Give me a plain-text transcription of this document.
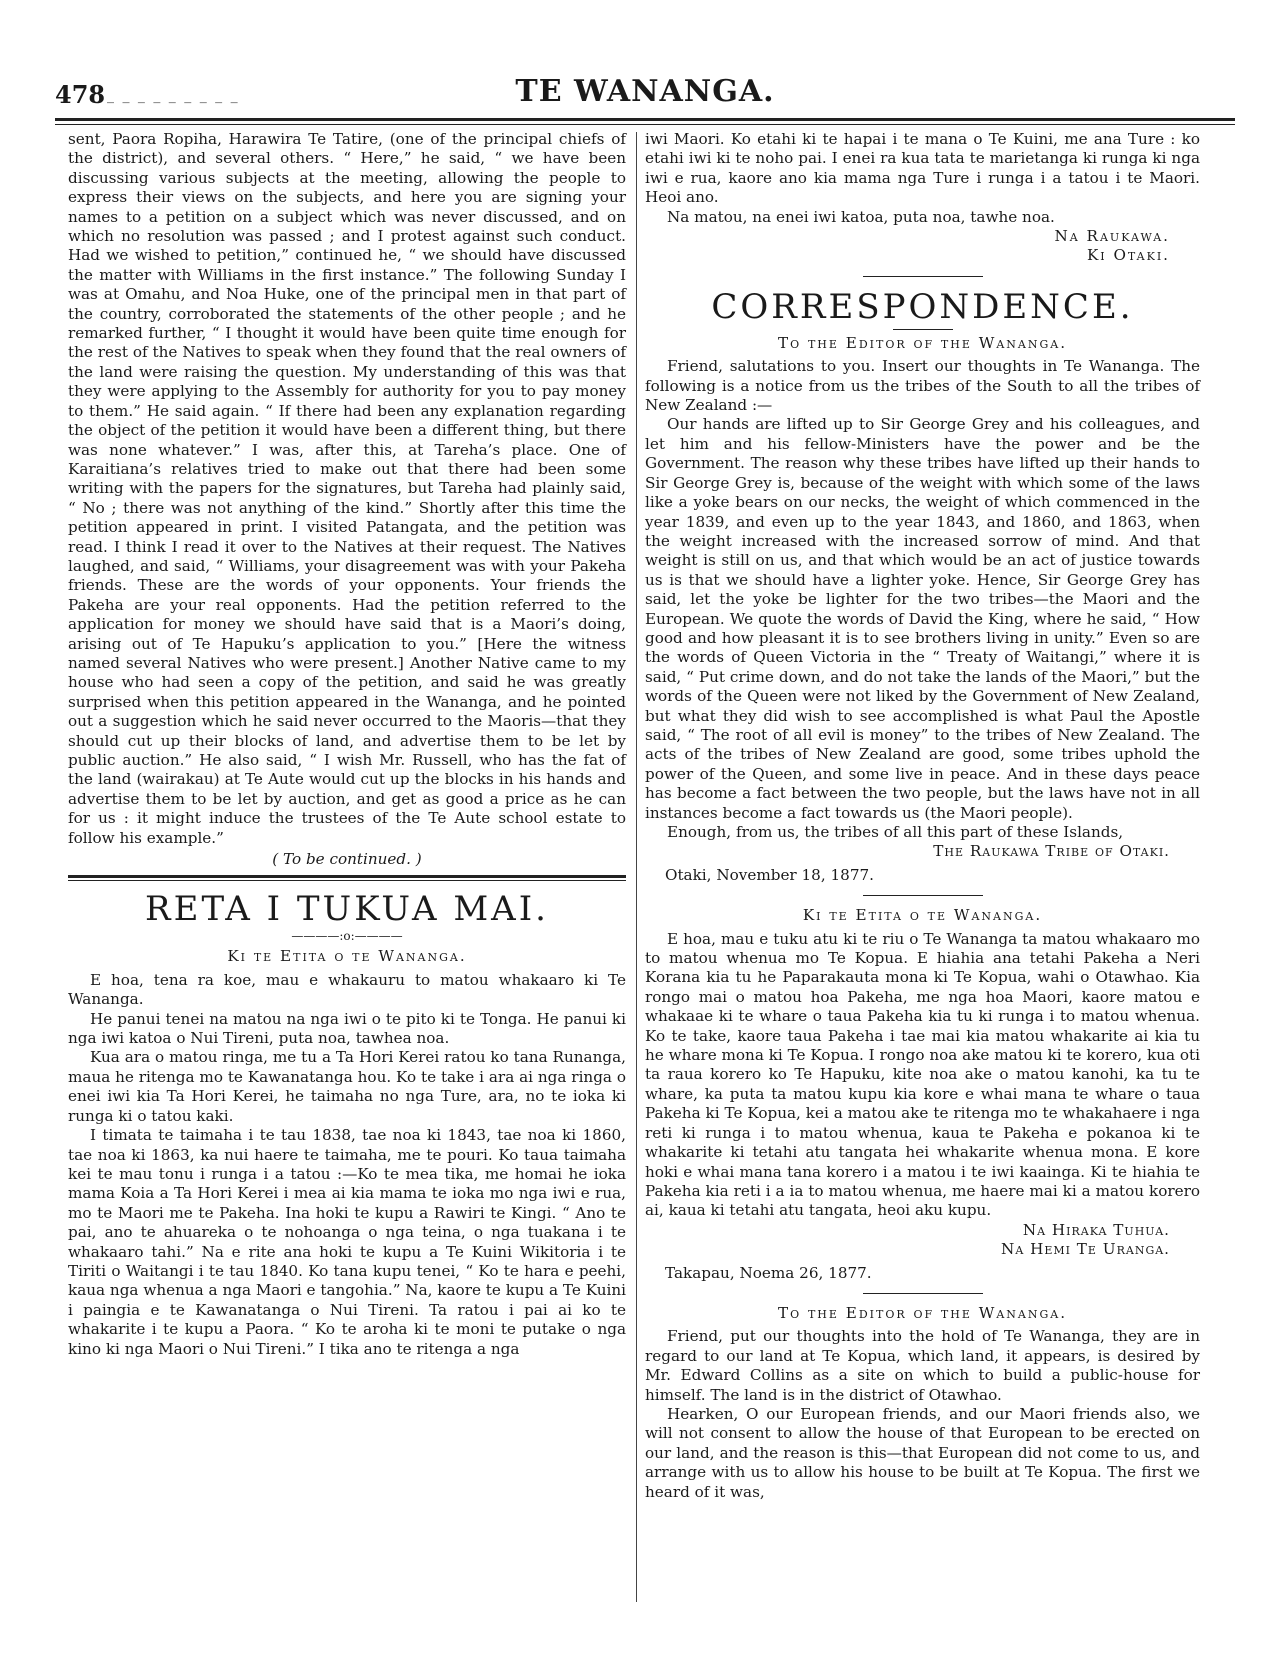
478 _ _ _ _ _ _ _ _ _	TE WANANGA.

sent, Paora Ropiha, Harawira Te Tatire, (one of the principal chiefs of the district), and several others. “ Here,” he said, “ we have been discussing various subjects at the meeting, allowing the people to express their views on the subjects, and here you are signing your names to a petition on a subject which was never discussed, and on which no resolution was passed ; and I protest against such conduct. Had we wished to petition,” continued he, “ we should have discussed the matter with Williams in the first instance.” The following Sunday I was at Omahu, and Noa Huke, one of the principal men in that part of the country, corroborated the statements of the other people ; and he remarked further, “ I thought it would have been quite time enough for the rest of the Natives to speak when they found that the real owners of the land were raising the question. My understanding of this was that they were applying to the Assembly for authority for you to pay money to them.” He said again. “ If there had been any explanation regarding the object of the petition it would have been a different thing, but there was none whatever.” I was, after this, at Tareha’s place. One of Karaitiana’s relatives tried to make out that there had been some writing with the papers for the signatures, but Tareha had plainly said, “ No ; there was not anything of the kind.” Shortly after this time the petition appeared in print. I visited Patangata, and the petition was read. I think I read it over to the Natives at their request. The Natives laughed, and said, “ Williams, your disagreement was with your Pakeha friends. These are the words of your opponents. Your friends the Pakeha are your real opponents. Had the petition referred to the application for money we should have said that is a Maori’s doing, arising out of Te Hapuku’s application to you.” [Here the witness named several Natives who were present.] Another Native came to my house who had seen a copy of the petition, and said he was greatly surprised when this petition appeared in the Wananga, and he pointed out a suggestion which he said never occurred to the Maoris—that they should cut up their blocks of land, and advertise them to be let by public auction.” He also said, “ I wish Mr. Russell, who has the fat of the land (wairakau) at Te Aute would cut up the blocks in his hands and advertise them to be let by auction, and get as good a price as he can for us : it might induce the trustees of the Te Aute school estate to follow his example.”

( To be continued. )

RETA I TUKUA MAI.
————:o:————
Ki te Etita o te Wananga.

E hoa, tena ra koe, mau e whakauru to matou whakaaro ki Te Wananga.

He panui tenei na matou na nga iwi o te pito ki te Tonga. He panui ki nga iwi katoa o Nui Tireni, puta noa, tawhea noa.

Kua ara o matou ringa, me tu a Ta Hori Kerei ratou ko tana Runanga, maua he ritenga mo te Kawanatanga hou. Ko te take i ara ai nga ringa o enei iwi kia Ta Hori Kerei, he taimaha no nga Ture, ara, no te ioka ki runga ki o tatou kaki.

I timata te taimaha i te tau 1838, tae noa ki 1843, tae noa ki 1860, tae noa ki 1863, ka nui haere te taimaha, me te pouri. Ko taua taimaha kei te mau tonu i runga i a tatou :—Ko te mea tika, me homai he ioka mama Koia a Ta Hori Kerei i mea ai kia mama te ioka mo nga iwi e rua, mo te Maori me te Pakeha. Ina hoki te kupu a Rawiri te Kingi. “ Ano te pai, ano te ahuareka o te nohoanga o nga teina, o nga tuakana i te whakaaro tahi.” Na e rite ana hoki te kupu a Te Kuini Wikitoria i te Tiriti o Waitangi i te tau 1840. Ko tana kupu tenei, “ Ko te hara e peehi, kaua nga whenua a nga Maori e tangohia.” Na, kaore te kupu a Te Kuini i paingia e te Kawanatanga o Nui Tireni. Ta ratou i pai ai ko te whakarite i te kupu a Paora. “ Ko te aroha ki te moni te putake o nga kino ki nga Maori o Nui Tireni.” I tika ano te ritenga a nga

iwi Maori. Ko etahi ki te hapai i te mana o Te Kuini, me ana Ture : ko etahi iwi ki te noho pai. I enei ra kua tata te marietanga ki runga ki nga iwi e rua, kaore ano kia mama nga Ture i runga i a tatou i te Maori. Heoi ano.

Na matou, na enei iwi katoa, puta noa, tawhe noa.

Na Raukawa.
Ki Otaki.
CORRESPONDENCE.
To the Editor of the Wananga.

Friend, salutations to you. Insert our thoughts in Te Wananga. The following is a notice from us the tribes of the South to all the tribes of New Zealand :—

Our hands are lifted up to Sir George Grey and his colleagues, and let him and his fellow-Ministers have the power and be the Government. The reason why these tribes have lifted up their hands to Sir George Grey is, because of the weight with which some of the laws like a yoke bears on our necks, the weight of which commenced in the year 1839, and even up to the year 1843, and 1860, and 1863, when the weight increased with the increased sorrow of mind. And that weight is still on us, and that which would be an act of justice towards us is that we should have a lighter yoke. Hence, Sir George Grey has said, let the yoke be lighter for the two tribes—the Maori and the European. We quote the words of David the King, where he said, “ How good and how pleasant it is to see brothers living in unity.” Even so are the words of Queen Victoria in the “ Treaty of Waitangi,” where it is said, “ Put crime down, and do not take the lands of the Maori,” but the words of the Queen were not liked by the Government of New Zealand, but what they did wish to see accomplished is what Paul the Apostle said, “ The root of all evil is money” to the tribes of New Zealand. The acts of the tribes of New Zealand are good, some tribes uphold the power of the Queen, and some live in peace. And in these days peace has become a fact between the two people, but the laws have not in all instances become a fact towards us (the Maori people).

Enough, from us, the tribes of all this part of these Islands,

The Raukawa Tribe of Otaki.
Otaki, November 18, 1877.
Ki te Etita o te Wananga.

E hoa, mau e tuku atu ki te riu o Te Wananga ta matou whakaaro mo to matou whenua mo Te Kopua. E hiahia ana tetahi Pakeha a Neri Korana kia tu he Paparakauta mona ki Te Kopua, wahi o Otawhao. Kia rongo mai o matou hoa Pakeha, me nga hoa Maori, kaore matou e whakaae ki te whare o taua Pakeha kia tu ki runga i to matou whenua. Ko te take, kaore taua Pakeha i tae mai kia matou whakarite ai kia tu he whare mona ki Te Kopua. I rongo noa ake matou ki te korero, kua oti ta raua korero ko Te Hapuku, kite noa ake o matou kanohi, ka tu te whare, ka puta ta matou kupu kia kore e whai mana te whare o taua Pakeha ki Te Kopua, kei a matou ake te ritenga mo te whakahaere i nga reti ki runga i to matou whenua, kaua te Pakeha e pokanoa ki te whakarite ki tetahi atu tangata hei whakarite whenua mona. E kore hoki e whai mana tana korero i a matou i te iwi kaainga. Ki te hiahia te Pakeha kia reti i a ia to matou whenua, me haere mai ki a matou korero ai, kaua ki tetahi atu tangata, heoi aku kupu.

Na Hiraka Tuhua.
Na Hemi Te Uranga.
Takapau, Noema 26, 1877.
To the Editor of the Wananga.

Friend, put our thoughts into the hold of Te Wananga, they are in regard to our land at Te Kopua, which land, it appears, is desired by Mr. Edward Collins as a site on which to build a public-house for himself. The land is in the district of Otawhao.

Hearken, O our European friends, and our Maori friends also, we will not consent to allow the house of that European to be erected on our land, and the reason is this—that European did not come to us, and arrange with us to allow his house to be built at Te Kopua. The first we heard of it was,
